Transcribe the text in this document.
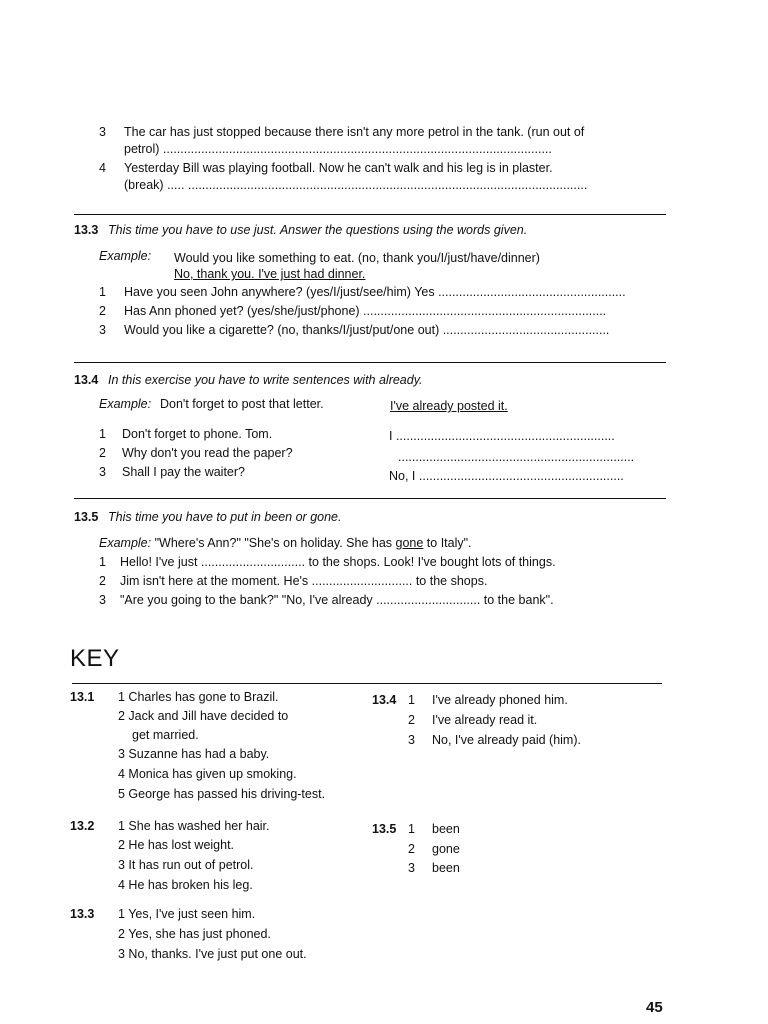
3 The car has just stopped because there isn't any more petrol in the tank. (run out of
petrol) ................................................................................................................
4 Yesterday Bill was playing football. Now he can't walk and his leg is in plaster.
(break) ..... ...................................................................................................................
13.3 This time you have to use just. Answer the questions using the words given.
Example: Would you like something to eat. (no, thank you/I/just/have/dinner)
No, thank you. I've just had dinner.
1 Have you seen John anywhere? (yes/I/just/see/him) Yes ......................................................
2 Has Ann phoned yet? (yes/she/just/phone) ......................................................................
3 Would you like a cigarette? (no, thanks/I/just/put/one out) ................................................
13.4 In this exercise you have to write sentences with already.
Example: Don't forget to post that letter.	I've already posted it.
1 Don't forget to phone. Tom.	I ...............................................................
2 Why don't you read the paper?	....................................................................
3 Shall I pay the waiter?	No, I ...........................................................
13.5 This time you have to put in been or gone.
Example: "Where's Ann?" "She's on holiday. She has gone to Italy".
1 Hello! I've just .............................. to the shops. Look! I've bought lots of things.
2 Jim isn't here at the moment. He's ............................. to the shops.
3 "Are you going to the bank?" "No, I've already .............................. to the bank".
KEY
13.1 1 Charles has gone to Brazil.
2 Jack and Jill have decided to
get married.
3 Suzanne has had a baby.
4 Monica has given up smoking.
5 George has passed his driving-test.
13.2 1 She has washed her hair.
2 He has lost weight.
3 It has run out of petrol.
4 He has broken his leg.
13.3 1 Yes, I've just seen him.
2 Yes, she has just phoned.
3 No, thanks. I've just put one out.
13.4 1 I've already phoned him.
2 I've already read it.
3 No, I've already paid (him).
13.5 1 been
2 gone
3 been
45
